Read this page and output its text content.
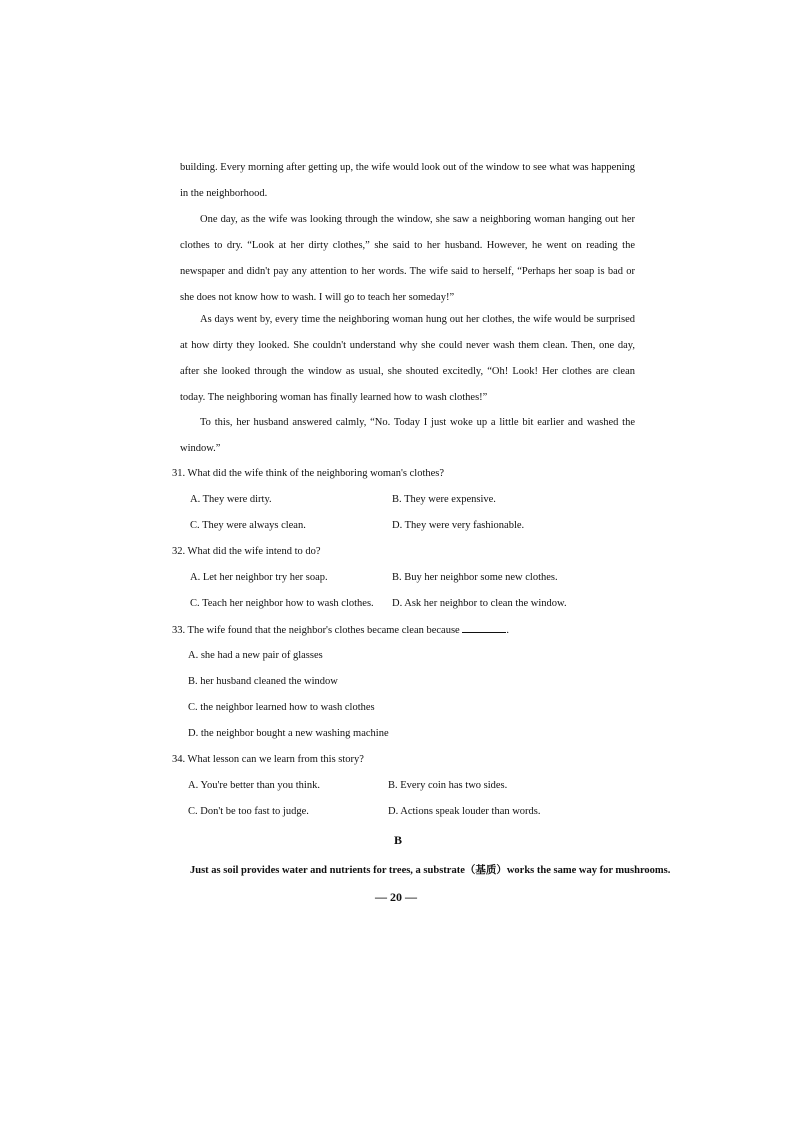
building. Every morning after getting up, the wife would look out of the window to see what was happening in the neighborhood.

One day, as the wife was looking through the window, she saw a neighboring woman hanging out her clothes to dry. “Look at her dirty clothes,” she said to her husband. However, he went on reading the newspaper and didn't pay any attention to her words. The wife said to herself, “Perhaps her soap is bad or she does not know how to wash. I will go to teach her someday!”

As days went by, every time the neighboring woman hung out her clothes, the wife would be surprised at how dirty they looked. She couldn't understand why she could never wash them clean. Then, one day, after she looked through the window as usual, she shouted excitedly, “Oh! Look! Her clothes are clean today. The neighboring woman has finally learned how to wash clothes!”

To this, her husband answered calmly, “No. Today I just woke up a little bit earlier and washed the window.”

31. What did the wife think of the neighboring woman's clothes?

A. They were dirty.	B. They were expensive.

C. They were always clean.	D. They were very fashionable.

32. What did the wife intend to do?

A. Let her neighbor try her soap.	B. Buy her neighbor some new clothes.

C. Teach her neighbor how to wash clothes. D. Ask her neighbor to clean the window.

33. The wife found that the neighbor's clothes became clean because	.

A. she had a new pair of glasses

B. her husband cleaned the window

C. the neighbor learned how to wash clothes

D. the neighbor bought a new washing machine

34. What lesson can we learn from this story?

A. You're better than you think.	B. Every coin has two sides.

C. Don't be too fast to judge.	D. Actions speak louder than words.

B

Just as soil provides water and nutrients for trees, a substrate（基质）works the same way for mushrooms.

— 20 —
